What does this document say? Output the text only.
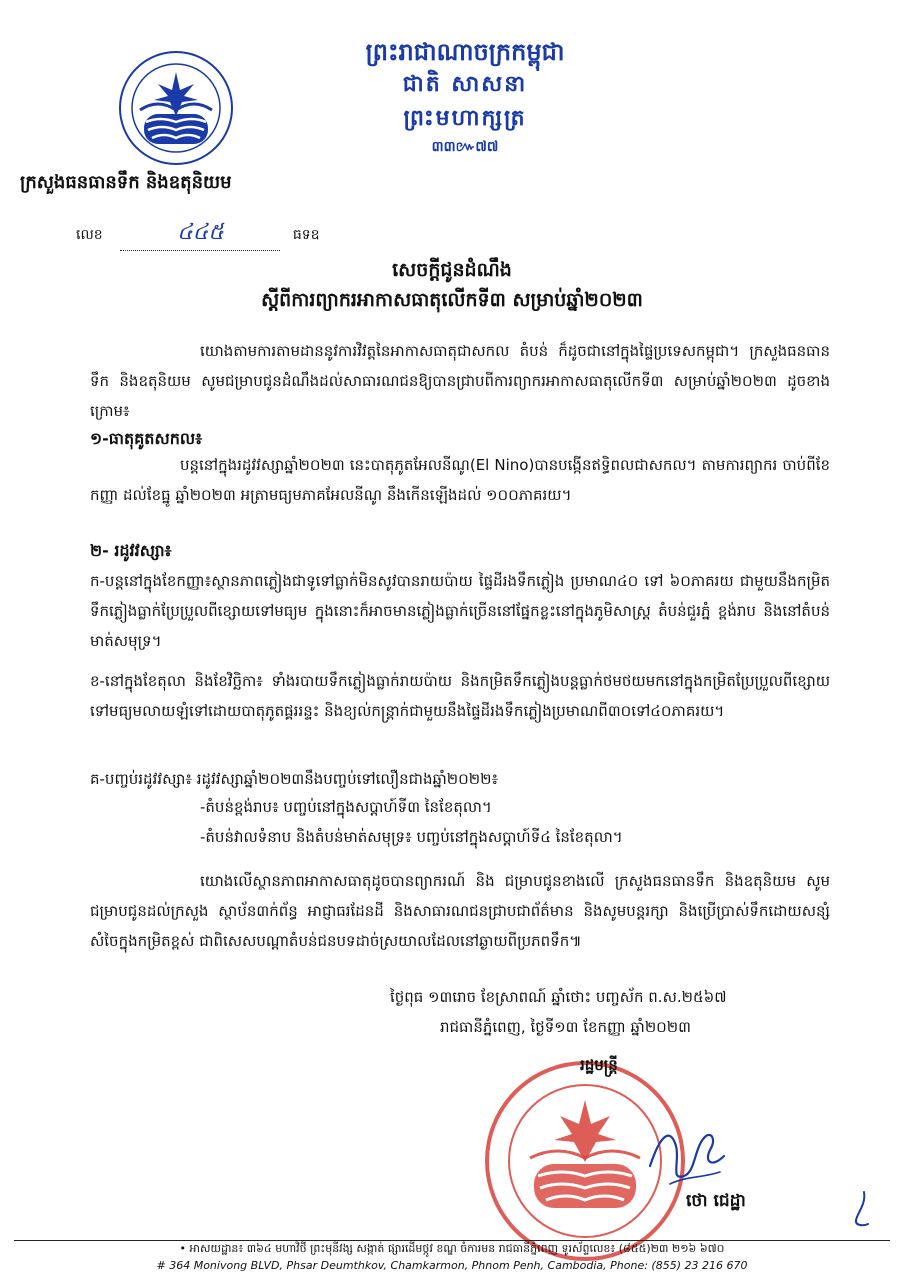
ព្រះរាជាណាចក្រកម្ពុជា
ជាតិ សាសនា ព្រះមហាក្សត្រ
៣៣៚៧៧
ក្រសួងធនធានទឹក និងឧតុនិយម
លេខ	៤៤៥	ធទឧ
សេចក្តីជូនដំណឹង
ស្តីពីការព្យាករអាកាសធាតុលើកទី៣ សម្រាប់ឆ្នាំ២០២៣
យោងតាមការតាមដាននូវការវិវត្តនៃអាកាសធាតុជាសកល តំបន់ ក៏ដូចជានៅក្នុងផ្ទៃប្រទេសកម្ពុជា។ ក្រសួងធនធានទឹក និងឧតុនិយម សូមជម្រាបជូនដំណឹងដល់សាធារណជនឱ្យបានជ្រាបពីការព្យាករអាកាសធាតុលើកទី៣ សម្រាប់ឆ្នាំ២០២៣ ដូចខាងក្រោម៖
១-ធាតុគូតសកល៖
បន្តនៅក្នុងរដូវវស្សាឆ្នាំ២០២៣ នេះបាតុភូតអែលនីណូ(El Nino)បានបង្កើនឥទ្ធិពលជាសកល។ តាមការព្យាករ ចាប់ពីខែកញ្ញា ដល់ខែធ្នូ ឆ្នាំ២០២៣ អត្រាមធ្យមភាគអែលនីណូ នឹងកើនឡើងដល់ ១០០ភាគរយ។
២- រដូវវស្សា៖
ក-បន្តនៅក្នុងខែកញ្ញា៖ស្ថានភាពភ្លៀងជាទូទៅធ្លាក់មិនសូវបានរាយប៉ាយ ផ្ទៃដីរងទឹកភ្លៀង ប្រមាណ៤០ ទៅ ៦០ភាគរយ ជាមួយនឹងកម្រិតទឹកភ្លៀងធ្លាក់ប្រែប្រួលពីខ្សោយទៅមធ្យម ក្នុងនោះក៏អាចមានភ្លៀងធ្លាក់ច្រើននៅផ្នែកខ្លះនៅក្នុងភូមិសាស្ត្រ តំបន់ជួរភ្នំ ខ្ពង់រាប និងនៅតំបន់មាត់សមុទ្រ។
ខ-នៅក្នុងខែតុលា និងខែវិច្ឆិកា៖ ទាំងរបាយទឹកភ្លៀងធ្លាក់រាយប៉ាយ និងកម្រិតទឹកភ្លៀងបន្តធ្លាក់ថមថយមកនៅក្នុងកម្រិតប្រែប្រួលពីខ្សោយទៅមធ្យមលាយឡំទៅដោយបាតុភូតផ្គររន្ទះ និងខ្យល់កន្ត្រាក់ជាមួយនឹងផ្ទៃដីរងទឹកភ្លៀងប្រមាណពី៣០ទៅ៤០ភាគរយ។
គ-បញ្ចប់រដូវវស្សា៖ រដូវវស្សាឆ្នាំ២០២៣នឹងបញ្ចប់ទៅលឿនជាងឆ្នាំ២០២២៖
-តំបន់ខ្ពង់រាប៖ បញ្ចប់នៅក្នុងសប្តាហ៍ទី៣ នៃខែតុលា។
-តំបន់វាលទំនាប និងតំបន់មាត់សមុទ្រ៖ បញ្ចប់នៅក្នុងសប្តាហ៍ទី៤ នៃខែតុលា។
យោងលើស្ថានភាពអាកាសធាតុដូចបានព្យាករណ៍ និង ជម្រាបជូនខាងលើ ក្រសួងធនធានទឹក និងឧតុនិយម សូមជម្រាបជូនដល់ក្រសួង ស្ថាប័ន៣ក់ព័ន្ធ អាជ្ញាធរដែនដី និងសាធារណជនជ្រាបជាព័ត៌មាន និងសូមបន្តរក្សា និងប្រើប្រាស់ទឹកដោយសន្សំសំចៃក្នុងកម្រិតខ្ពស់ ជាពិសេសបណ្តាតំបន់ជនបទដាច់ស្រយាលដែលនៅឆ្ងាយពីប្រភពទឹក៕
ថ្ងៃពុធ ១៣រោច ខែស្រាពណ៍ ឆ្នាំថោះ បញ្ចស័ក ព.ស.២៥៦៧
រាជធានីភ្នំពេញ, ថ្ងៃទី១៣ ខែកញ្ញា ឆ្នាំ២០២៣
រដ្ឋមន្ត្រី
ថោ ជេដ្ឋា
• អាសយដ្ឋាន៖ ៣៦៤ មហាវិថី ព្រះមុនីវង្ស សង្កាត់ ផ្សារដើមថ្កូវ ខណ្ឌ ចំការមន រាជធានីភ្នំពេញ ទូរស័ព្ទលេខ៖ (៨៥៥)២៣ ២១៦ ៦៧០
# 364 Monivong BLVD, Phsar Deumthkov, Chamkarmon, Phnom Penh, Cambodia, Phone: (855) 23 216 670
